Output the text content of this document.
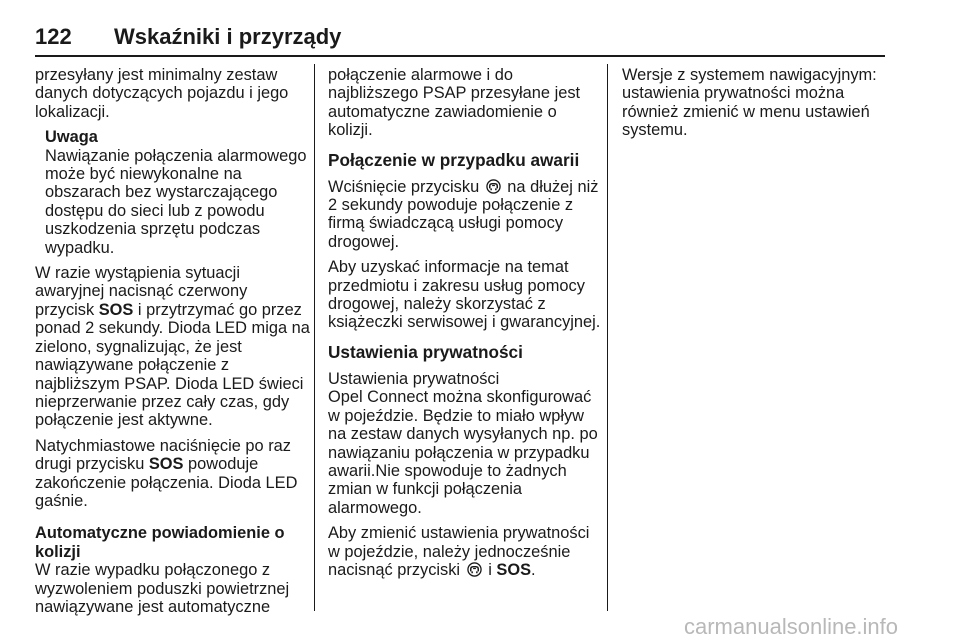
122 Wskaźniki i przyrządy

przesyłany jest minimalny zestaw
danych dotyczących pojazdu i jego
lokalizacji.

Uwaga
Nawiązanie połączenia alarmowego
może być niewykonalne na
obszarach bez wystarczającego
dostępu do sieci lub z powodu
uszkodzenia sprzętu podczas
wypadku.

W razie wystąpienia sytuacji
awaryjnej nacisnąć czerwony
przycisk SOS i przytrzymać go przez
ponad 2 sekundy. Dioda LED miga na
zielono, sygnalizując, że jest
nawiązywane połączenie z
najbliższym PSAP. Dioda LED świeci
nieprzerwanie przez cały czas, gdy
połączenie jest aktywne.

Natychmiastowe naciśnięcie po raz
drugi przycisku SOS powoduje
zakończenie połączenia. Dioda LED
gaśnie.

Automatyczne powiadomienie o
kolizji

W razie wypadku połączonego z
wyzwoleniem poduszki powietrznej
nawiązywane jest automatyczne

połączenie alarmowe i do
najbliższego PSAP przesyłane jest
automatyczne zawiadomienie o
kolizji.

Połączenie w przypadku awarii

Wciśnięcie przycisku  na dłużej niż
2 sekundy powoduje połączenie z
firmą świadczącą usługi pomocy
drogowej.

Aby uzyskać informacje na temat
przedmiotu i zakresu usług pomocy
drogowej, należy skorzystać z
książeczki serwisowej i gwarancyjnej.

Ustawienia prywatności

Ustawienia prywatności
Opel Connect można skonfigurować
w pojeździe. Będzie to miało wpływ
na zestaw danych wysyłanych np. po
nawiązaniu połączenia w przypadku
awarii.Nie spowoduje to żadnych
zmian w funkcji połączenia
alarmowego.

Aby zmienić ustawienia prywatności
w pojeździe, należy jednocześnie
nacisnąć przyciski  i SOS.

Wersje z systemem nawigacyjnym:
ustawienia prywatności można
również zmienić w menu ustawień
systemu.

carmanualsonline.info
